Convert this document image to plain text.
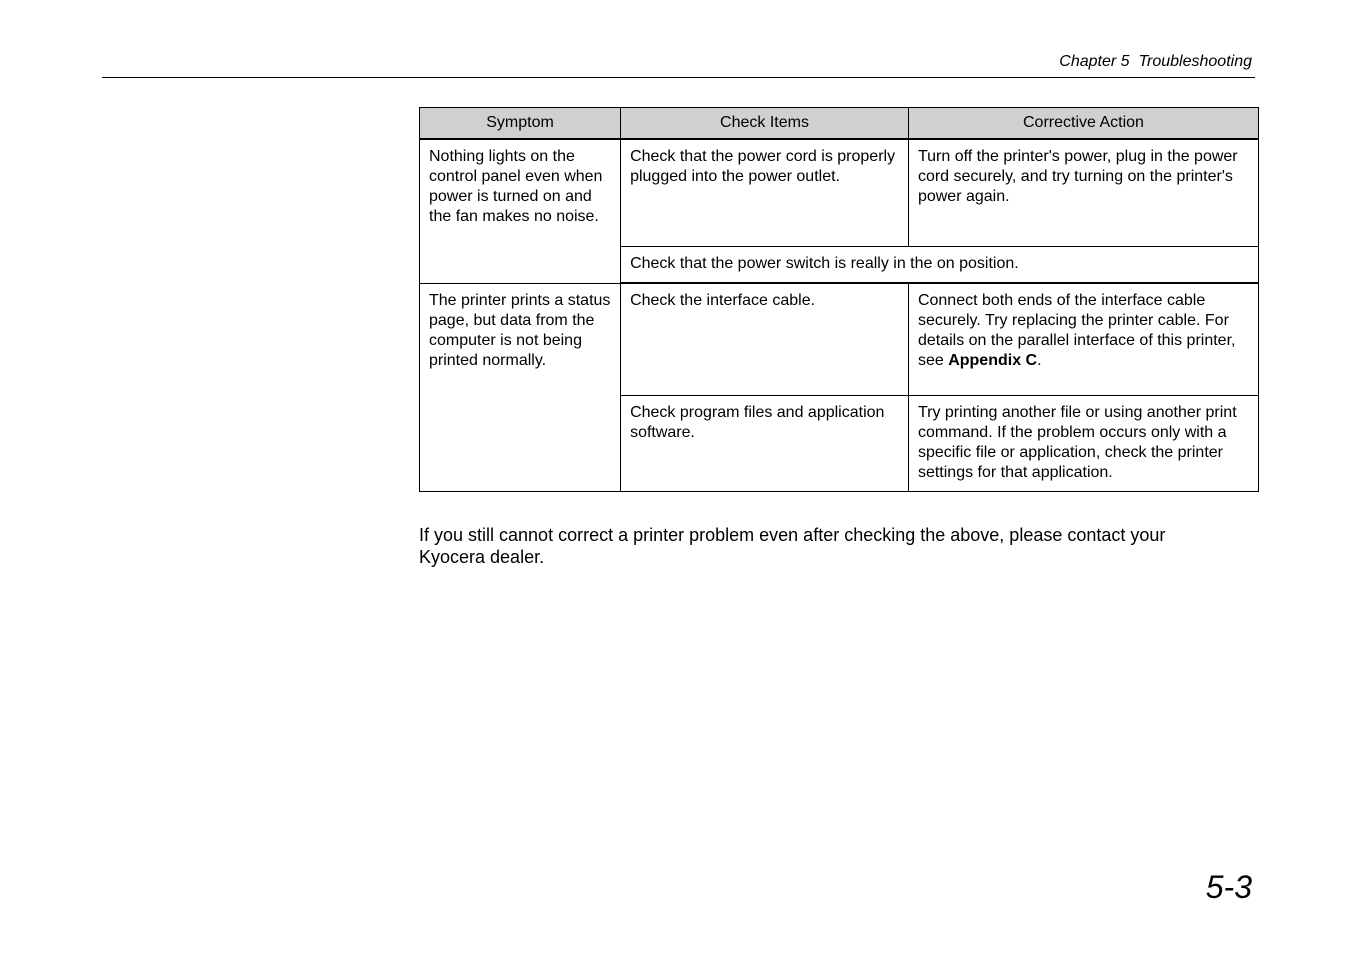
Chapter 5  Troubleshooting
Symptom	Check Items	Corrective Action
Nothing lights on the control panel even when power is turned on and the fan makes no noise.	Check that the power cord is properly plugged into the power outlet.	Turn off the printer's power, plug in the power cord securely, and try turning on the printer's power again.
	Check that the power switch is really in the on position.	
The printer prints a status page, but data from the computer is not being printed normally.	Check the interface cable.	Connect both ends of the interface cable securely. Try replacing the printer cable. For details on the parallel interface of this printer, see Appendix C.
	Check program files and application software.	Try printing another file or using another print command. If the problem occurs only with a specific file or application, check the printer settings for that application.

If you still cannot correct a printer problem even after checking the above, please contact your Kyocera dealer.

5-3
